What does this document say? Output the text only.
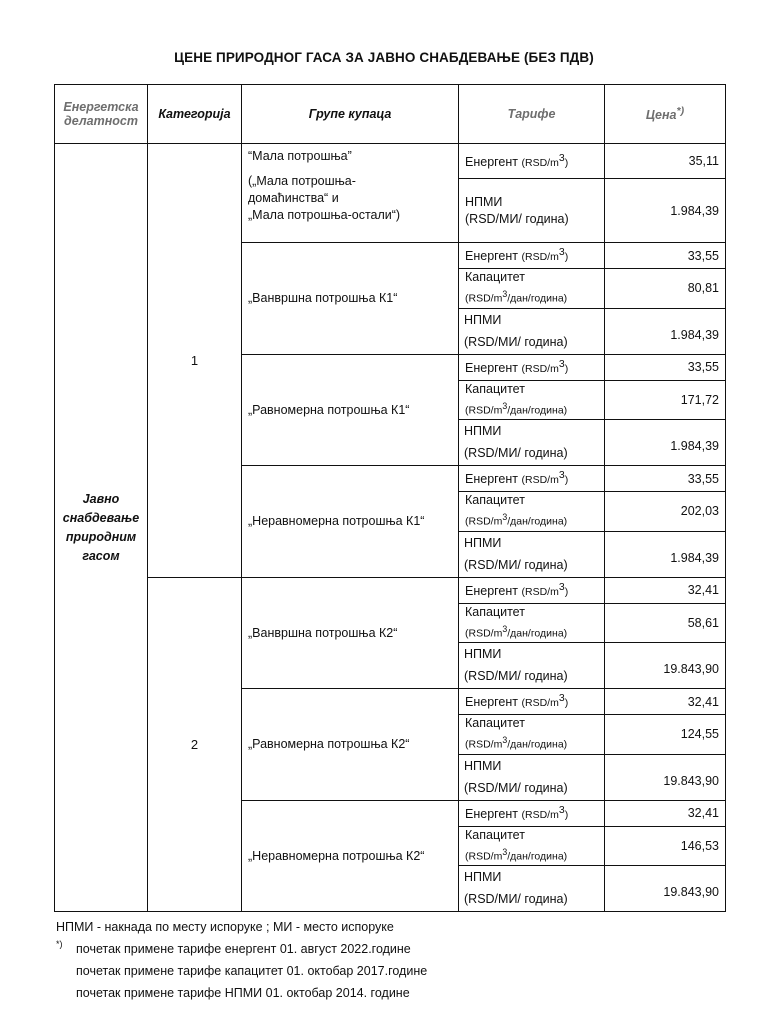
ЦЕНЕ ПРИРОДНОГ ГАСА ЗА ЈАВНО СНАБДЕВАЊЕ (БЕЗ ПДВ)
Енергетска делатност	Категорија	Групе купаца	Тарифе	Цена*)
Јавно снабдевање природним гасом	1	“Мала потрошња”
(„Мала потрошња-
домаћинства“ и
„Мала потрошња-остали“)	Енергент $(RSD/m^3)$	35,11

			НПМИ
(RSD/МИ/ година)	1.984,39
		„Ванвршна потрошња К1“	Енергент $(RSD/m^3)$	33,55

			Капацитет
$(RSD/m^3/дан/година)$	80,81

			НПМИ
(RSD/МИ/ година)	1.984,39
		„Равномерна потрошња К1“	Енергент $(RSD/m^3)$	33,55

			Капацитет
$(RSD/m^3/дан/година)$	171,72

			НПМИ
(RSD/МИ/ година)	1.984,39
		„Неравномерна потрошња К1“	Енергент $(RSD/m^3)$	33,55

			Капацитет
$(RSD/m^3/дан/година)$	202,03

			НПМИ
(RSD/МИ/ година)	1.984,39
	2	„Ванвршна потрошња К2“	Енергент $(RSD/m^3)$	32,41

			Капацитет
$(RSD/m^3/дан/година)$	58,61

			НПМИ
(RSD/МИ/ година)	19.843,90
		„Равномерна потрошња К2“	Енергент $(RSD/m^3)$	32,41

			Капацитет
$(RSD/m^3/дан/година)$	124,55

			НПМИ
(RSD/МИ/ година)	19.843,90
		„Неравномерна потрошња К2“	Енергент $(RSD/m^3)$	32,41

			Капацитет
$(RSD/m^3/дан/година)$	146,53

			НПМИ
(RSD/МИ/ година)	19.843,90
НПМИ - накнада по месту испоруке ; МИ - место испоруке
*) почетак примене тарифе енергент 01. август 2022.године
почетак примене тарифе капацитет 01. октобар 2017.године
почетак примене тарифе НПМИ 01. октобар 2014. године
